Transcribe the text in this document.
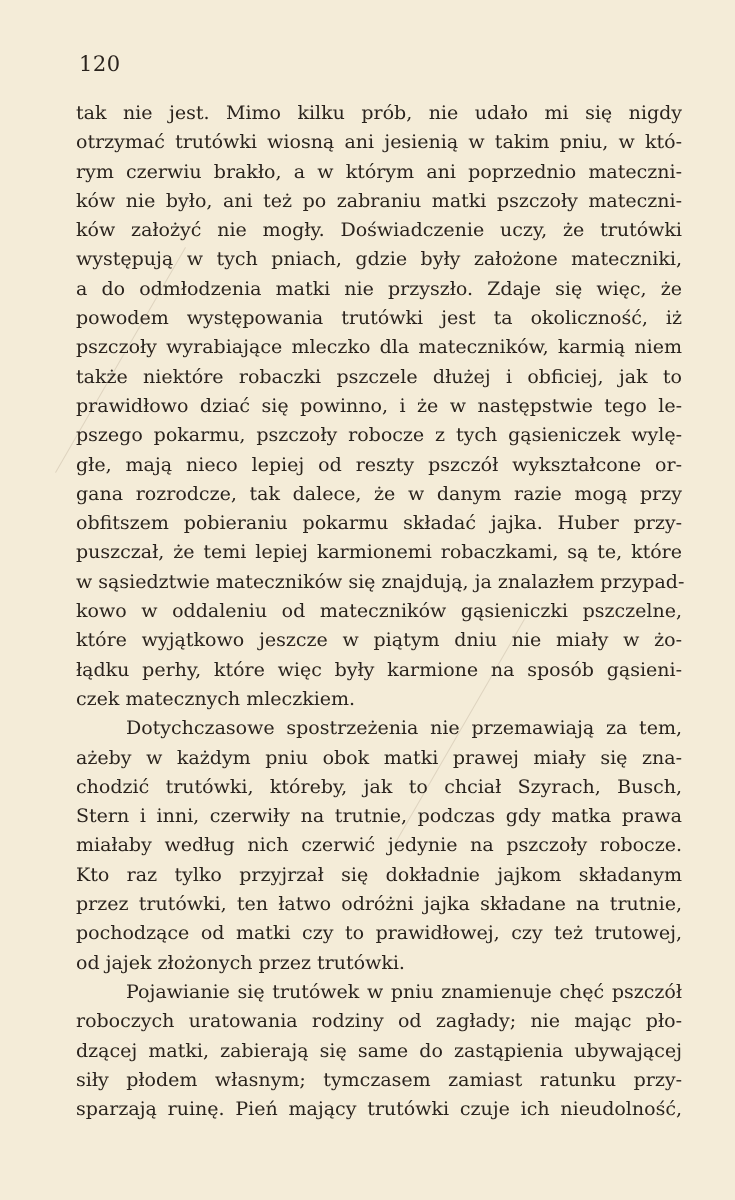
120
tak nie jest. Mimo kilku prób, nie udało mi się nigdy
otrzymać trutówki wiosną ani jesienią w takim pniu, w któ-
rym czerwiu brakło, a w którym ani poprzednio mateczni-
ków nie było, ani też po zabraniu matki pszczoły mateczni-
ków założyć nie mogły. Doświadczenie uczy, że trutówki
występują w tych pniach, gdzie były założone mateczniki,
a do odmłodzenia matki nie przyszło. Zdaje się więc, że
powodem występowania trutówki jest ta okoliczność, iż
pszczoły wyrabiające mleczko dla mateczników, karmią niem
także niektóre robaczki pszczele dłużej i obficiej, jak to
prawidłowo dziać się powinno, i że w następstwie tego le-
pszego pokarmu, pszczoły robocze z tych gąsieniczek wylę-
głe, mają nieco lepiej od reszty pszczół wykształcone or-
gana rozrodcze, tak dalece, że w danym razie mogą przy
obfitszem pobieraniu pokarmu składać jajka. Huber przy-
puszczał, że temi lepiej karmionemi robaczkami, są te, które
w sąsiedztwie mateczników się znajdują, ja znalazłem przypad-
kowo w oddaleniu od mateczników gąsieniczki pszczelne,
które wyjątkowo jeszcze w piątym dniu nie miały w żo-
łądku perhy, które więc były karmione na sposób gąsieni-
czek matecznych mleczkiem.
Dotychczasowe spostrzeżenia nie przemawiają za tem,
ażeby w każdym pniu obok matki prawej miały się zna-
chodzić trutówki, któreby, jak to chciał Szyrach, Busch,
Stern i inni, czerwiły na trutnie, podczas gdy matka prawa
miałaby według nich czerwić jedynie na pszczoły robocze.
Kto raz tylko przyjrzał się dokładnie jajkom składanym
przez trutówki, ten łatwo odróżni jajka składane na trutnie,
pochodzące od matki czy to prawidłowej, czy też trutowej,
od jajek złożonych przez trutówki.
Pojawianie się trutówek w pniu znamienuje chęć pszczół
roboczych uratowania rodziny od zagłady; nie mając pło-
dzącej matki, zabierają się same do zastąpienia ubywającej
siły płodem własnym; tymczasem zamiast ratunku przy-
sparzają ruinę. Pień mający trutówki czuje ich nieudolność,
